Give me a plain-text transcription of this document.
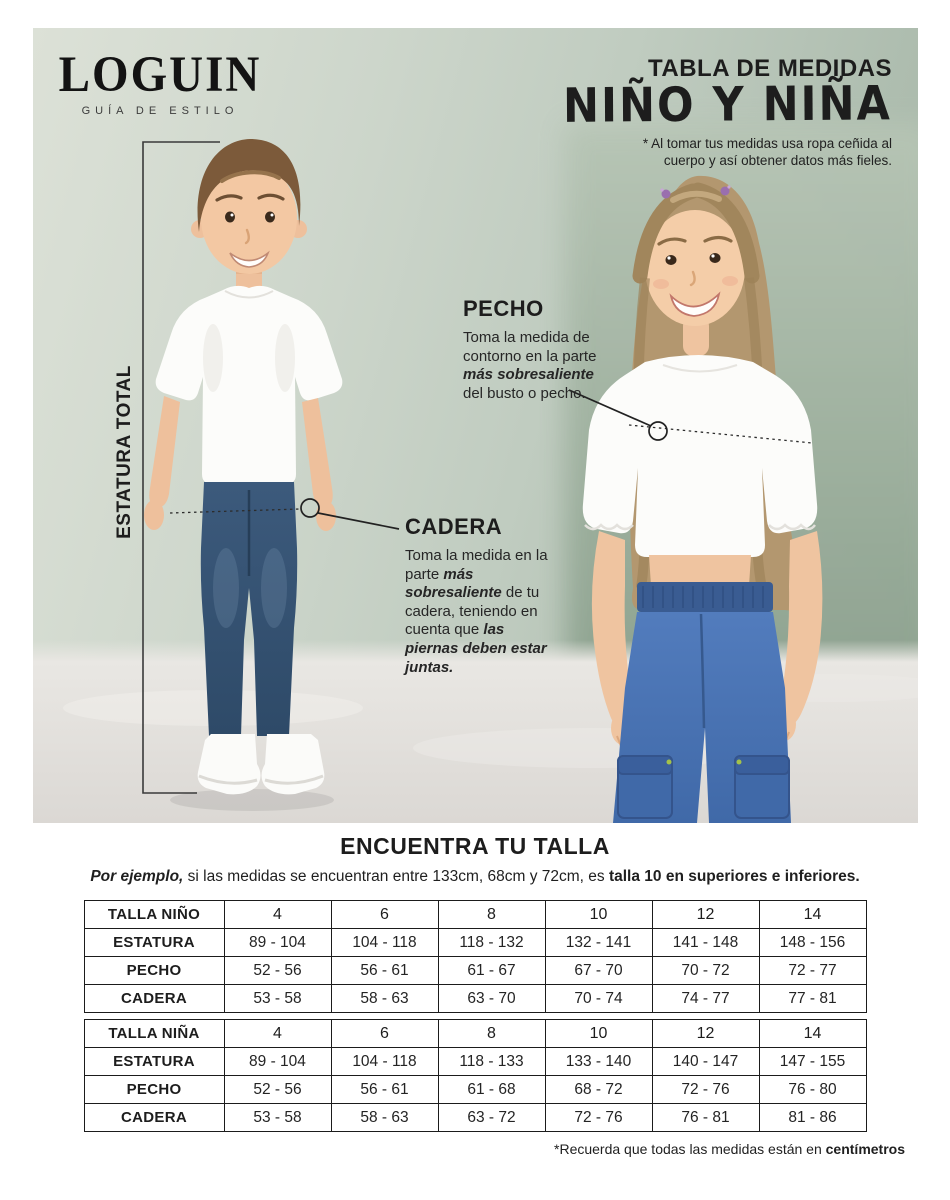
LOGUIN
GUÍA DE ESTILO
TABLA DE MEDIDAS
NIÑO Y NIÑA
* Al tomar tus medidas usa ropa ceñida al
cuerpo y así obtener datos más fieles.
ESTATURA TOTAL
PECHO

Toma la medida de contorno en la parte más sobresaliente del busto o pecho.

CADERA

Toma la medida en la parte más sobresaliente de tu cadera, teniendo en cuenta que las piernas deben estar juntas.

ENCUENTRA TU TALLA
Por ejemplo, si las medidas se encuentran entre 133cm, 68cm y 72cm, es talla 10 en superiores e inferiores.
TALLA NIÑO	4	6	8	10	12	14
ESTATURA	89 - 104	104 - 118	118 - 132	132 - 141	141 - 148	148 - 156
PECHO	52 - 56	56 - 61	61 - 67	67 - 70	70 - 72	72 - 77
CADERA	53 - 58	58 - 63	63 - 70	70 - 74	74 - 77	77 - 81
TALLA NIÑA	4	6	8	10	12	14
ESTATURA	89 - 104	104 - 118	118 - 133	133 - 140	140 - 147	147 - 155
PECHO	52 - 56	56 - 61	61 - 68	68 - 72	72 - 76	76 - 80
CADERA	53 - 58	58 - 63	63 - 72	72 - 76	76 - 81	81 - 86
*Recuerda que todas las medidas están en centímetros
